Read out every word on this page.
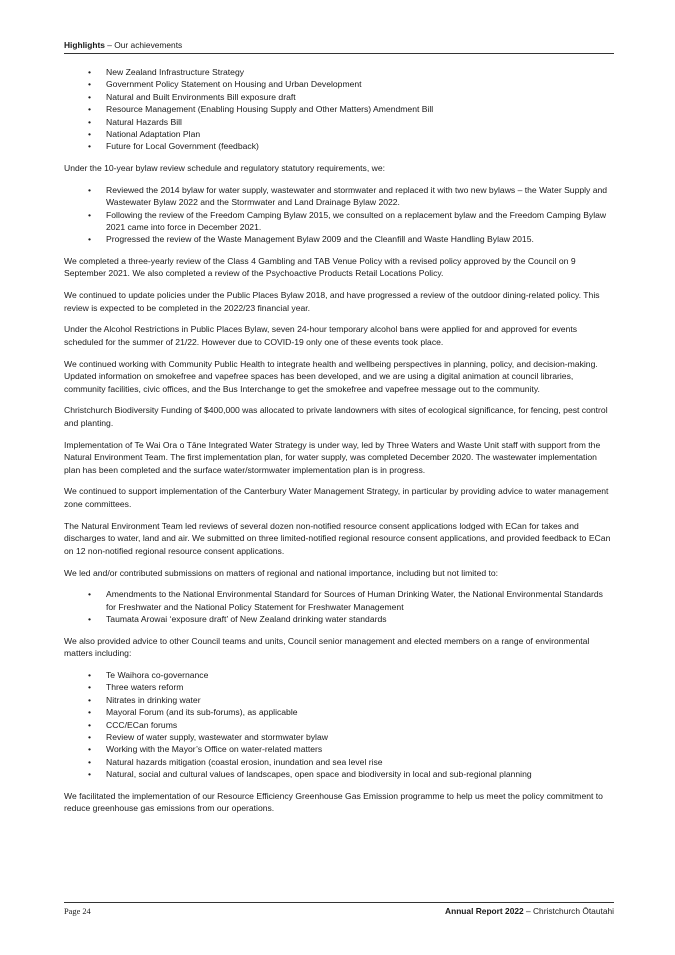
Highlights – Our achievements
• New Zealand Infrastructure Strategy
• Government Policy Statement on Housing and Urban Development
• Natural and Built Environments Bill exposure draft
• Resource Management (Enabling Housing Supply and Other Matters) Amendment Bill
• Natural Hazards Bill
• National Adaptation Plan
• Future for Local Government (feedback)

Under the 10-year bylaw review schedule and regulatory statutory requirements, we:

• Reviewed the 2014 bylaw for water supply, wastewater and stormwater and replaced it with two new bylaws – the Water Supply and Wastewater Bylaw 2022 and the Stormwater and Land Drainage Bylaw 2022.
• Following the review of the Freedom Camping Bylaw 2015, we consulted on a replacement bylaw and the Freedom Camping Bylaw 2021 came into force in December 2021.
• Progressed the review of the Waste Management Bylaw 2009 and the Cleanfill and Waste Handling Bylaw 2015.

We completed a three-yearly review of the Class 4 Gambling and TAB Venue Policy with a revised policy approved by the Council on 9 September 2021. We also completed a review of the Psychoactive Products Retail Locations Policy.

We continued to update policies under the Public Places Bylaw 2018, and have progressed a review of the outdoor dining-related policy. This review is expected to be completed in the 2022/23 financial year.

Under the Alcohol Restrictions in Public Places Bylaw, seven 24-hour temporary alcohol bans were applied for and approved for events scheduled for the summer of 21/22. However due to COVID-19 only one of these events took place.

We continued working with Community Public Health to integrate health and wellbeing perspectives in planning, policy, and decision-making. Updated information on smokefree and vapefree spaces has been developed, and we are using a digital animation at council libraries, community facilities, civic offices, and the Bus Interchange to get the smokefree and vapefree message out to the community.

Christchurch Biodiversity Funding of $400,000 was allocated to private landowners with sites of ecological significance, for fencing, pest control and planting.

Implementation of Te Wai Ora o Tāne Integrated Water Strategy is under way, led by Three Waters and Waste Unit staff with support from the Natural Environment Team. The first implementation plan, for water supply, was completed December 2020. The wastewater implementation plan has been completed and the surface water/stormwater implementation plan is in progress.

We continued to support implementation of the Canterbury Water Management Strategy, in particular by providing advice to water management zone committees.

The Natural Environment Team led reviews of several dozen non-notified resource consent applications lodged with ECan for takes and discharges to water, land and air. We submitted on three limited-notified regional resource consent applications, and provided feedback to ECan on 12 non-notified regional resource consent applications.

We led and/or contributed submissions on matters of regional and national importance, including but not limited to:

• Amendments to the National Environmental Standard for Sources of Human Drinking Water, the National Environmental Standards for Freshwater and the National Policy Statement for Freshwater Management
• Taumata Arowai ‘exposure draft’ of New Zealand drinking water standards

We also provided advice to other Council teams and units, Council senior management and elected members on a range of environmental matters including:

• Te Waihora co-governance
• Three waters reform
• Nitrates in drinking water
• Mayoral Forum (and its sub-forums), as applicable
• CCC/ECan forums
• Review of water supply, wastewater and stormwater bylaw
• Working with the Mayor’s Office on water-related matters
• Natural hazards mitigation (coastal erosion, inundation and sea level rise
• Natural, social and cultural values of landscapes, open space and biodiversity in local and sub-regional planning

We facilitated the implementation of our Resource Efficiency Greenhouse Gas Emission programme to help us meet the policy commitment to reduce greenhouse gas emissions from our operations.

Page 24	Annual Report 2022 – Christchurch Ōtautahi
